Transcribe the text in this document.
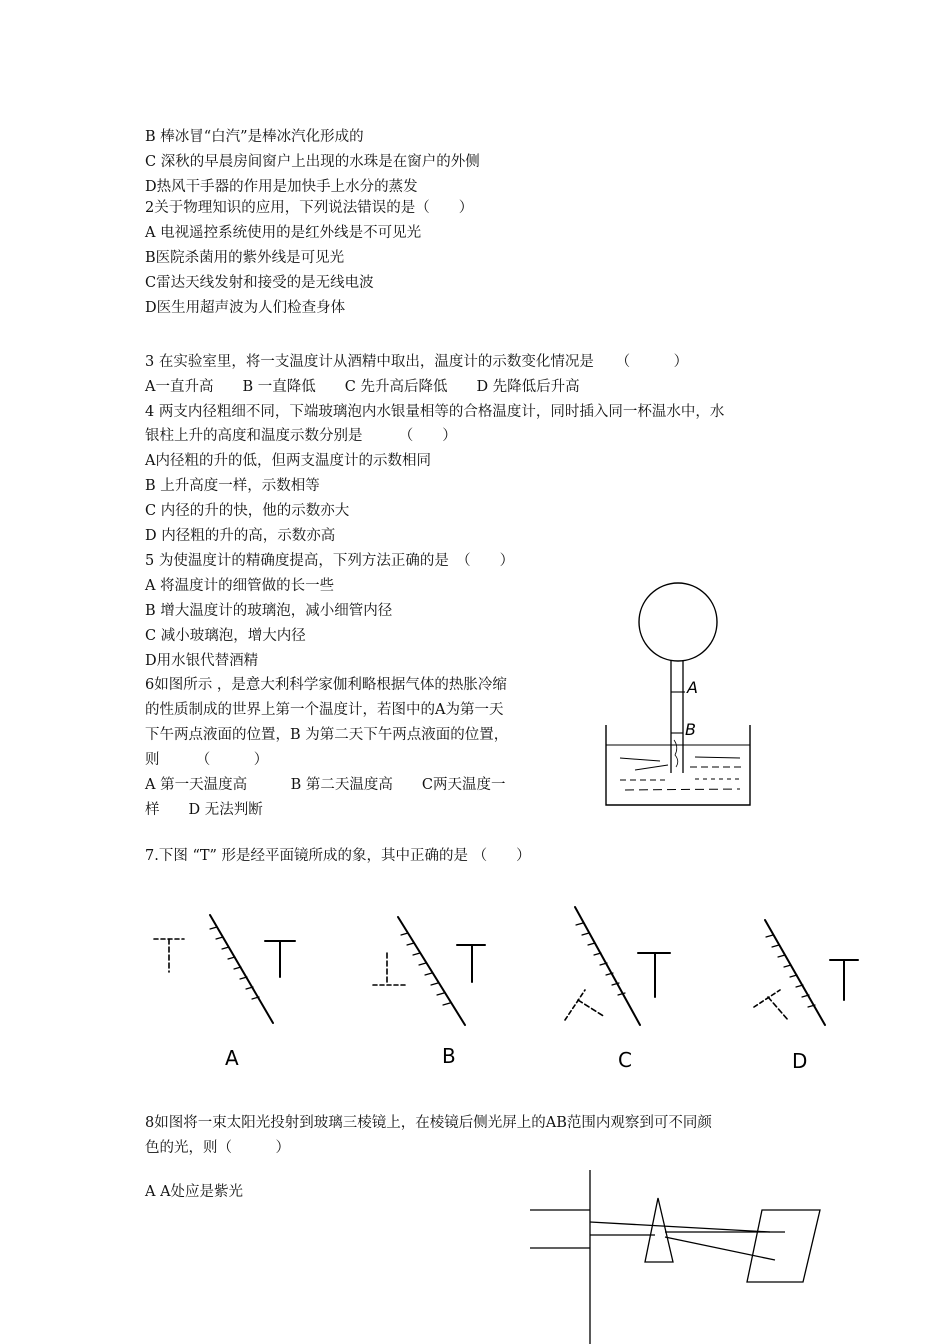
B 棒冰冒“白汽”是棒冰汽化形成的
C 深秋的早晨房间窗户上出现的水珠是在窗户的外侧
D热风干手器的作用是加快手上水分的蒸发
2关于物理知识的应用，下列说法错误的是（　　）
A 电视遥控系统使用的是红外线是不可见光
B医院杀菌用的紫外线是可见光
C雷达天线发射和接受的是无线电波
D医生用超声波为人们检查身体
3 在实验室里，将一支温度计从酒精中取出，温度计的示数变化情况是　　（　　　）
A一直升高　　B 一直降低　　C 先升高后降低　　D 先降低后升高
4 两支内径粗细不同，下端玻璃泡内水银量相等的合格温度计，同时插入同一杯温水中，水
银柱上升的高度和温度示数分别是　　　（　　）
A内径粗的升的低，但两支温度计的示数相同
B 上升高度一样，示数相等
C 内径的升的快，他的示数亦大
D 内径粗的升的高，示数亦高
5 为使温度计的精确度提高，下列方法正确的是　（　　）
A 将温度计的细管做的长一些
B 增大温度计的玻璃泡，减小细管内径
C 减小玻璃泡，增大内径
D用水银代替酒精
6如图所示 ，是意大利科学家伽利略根据气体的热胀冷缩
的性质制成的世界上第一个温度计，若图中的A为第一天
下午两点液面的位置，B 为第二天下午两点液面的位置，
则　　　（　　　）
A 第一天温度高　　　B 第二天温度高　　C两天温度一
样　　D 无法判断
A
B
7.下图 “T” 形是经平面镜所成的象，其中正确的是 （　　）
A	B	C	D
8如图将一束太阳光投射到玻璃三棱镜上，在棱镜后侧光屏上的AB范围内观察到可不同颜
色的光，则（　　　）
A A处应是紫光
